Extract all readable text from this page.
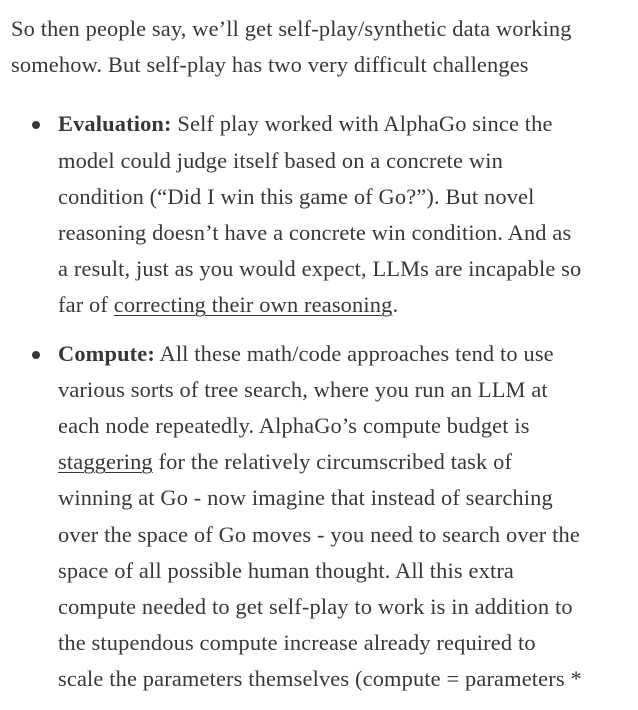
So then people say, we’ll get self-play/synthetic data working
somehow. But self-play has two very difficult challenges

Evaluation: Self play worked with AlphaGo since the
model could judge itself based on a concrete win
condition (“Did I win this game of Go?”). But novel
reasoning doesn’t have a concrete win condition. And as
a result, just as you would expect, LLMs are incapable so
far of correcting their own reasoning.
Compute: All these math/code approaches tend to use
various sorts of tree search, where you run an LLM at
each node repeatedly. AlphaGo’s compute budget is
staggering for the relatively circumscribed task of
winning at Go - now imagine that instead of searching
over the space of Go moves - you need to search over the
space of all possible human thought. All this extra
compute needed to get self-play to work is in addition to
the stupendous compute increase already required to
scale the parameters themselves (compute = parameters *
